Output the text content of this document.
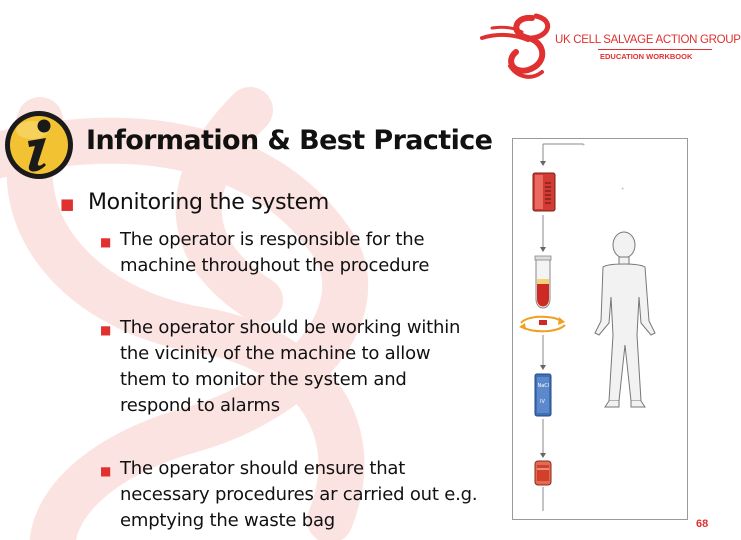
UK CELL SALVAGE ACTION GROUP
EDUCATION WORKBOOK
Information & Best Practice
■ Monitoring the system
■ The operator is responsible for the machine throughout the procedure
■ The operator should be working within the vicinity of the machine to allow them to monitor the system and respond to alarms
■ The operator should ensure that necessary procedures ar carried out e.g. emptying the waste bag
+
+
NaCl
IV
68
